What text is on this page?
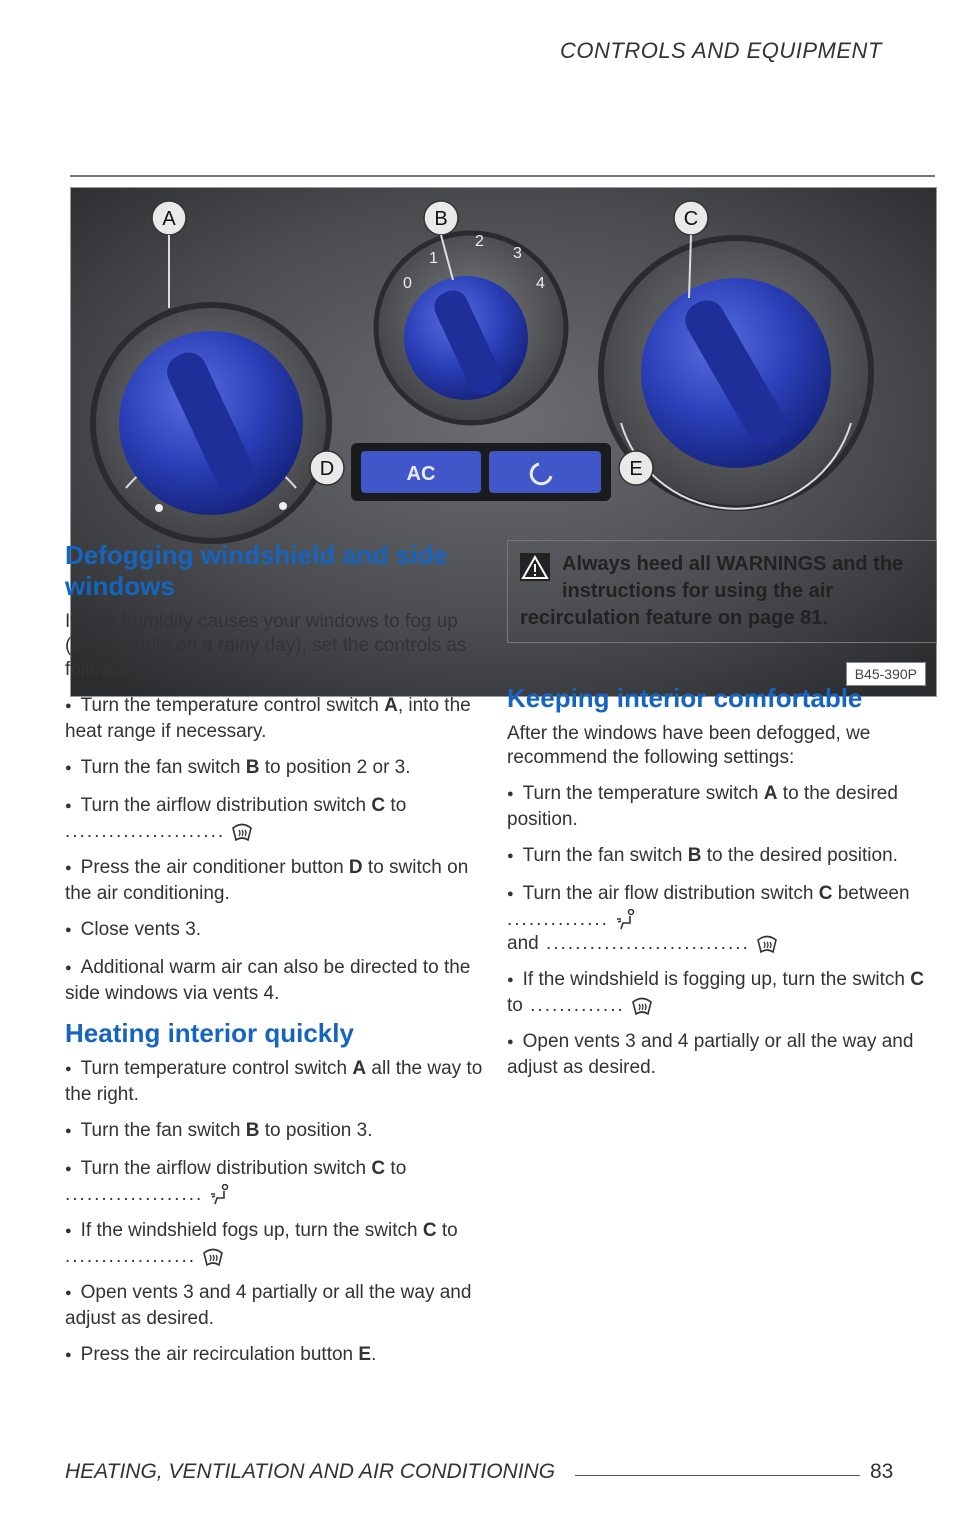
CONTROLS AND EQUIPMENT
AC
0
1
2
3
4
A	B	C
D	E
B45-390P
Defogging windshield and side windows

If high humidity causes your windows to fog up (for example on a rainy day), set the controls as follows:

● Turn the temperature control switch A, into the heat range if necessary.
● Turn the fan switch B to position 2 or 3.
● Turn the airflow distribution switch C to ......................
● Press the air conditioner button D to switch on the air conditioning.
● Close vents 3.
● Additional warm air can also be directed to the side windows via vents 4.
Heating interior quickly
● Turn temperature control switch A all the way to the right.
● Turn the fan switch B to position 3.
● Turn the airflow distribution switch C to ...................
● If the windshield fogs up, turn the switch C to ..................
● Open vents 3 and 4 partially or all the way and adjust as desired.
● Press the air recirculation button E.
Always heed all WARNINGS and the instructions for using the air recirculation feature on page 81.
Keeping interior comfortable

After the windows have been defogged, we recommend the following settings:

● Turn the temperature switch A to the desired position.
● Turn the fan switch B to the desired position.
● Turn the air flow distribution switch C between ..............
and ............................
● If the windshield is fogging up, turn the switch C to .............
● Open vents 3 and 4 partially or all the way and adjust as desired.
HEATING, VENTILATION AND AIR CONDITIONING	83
